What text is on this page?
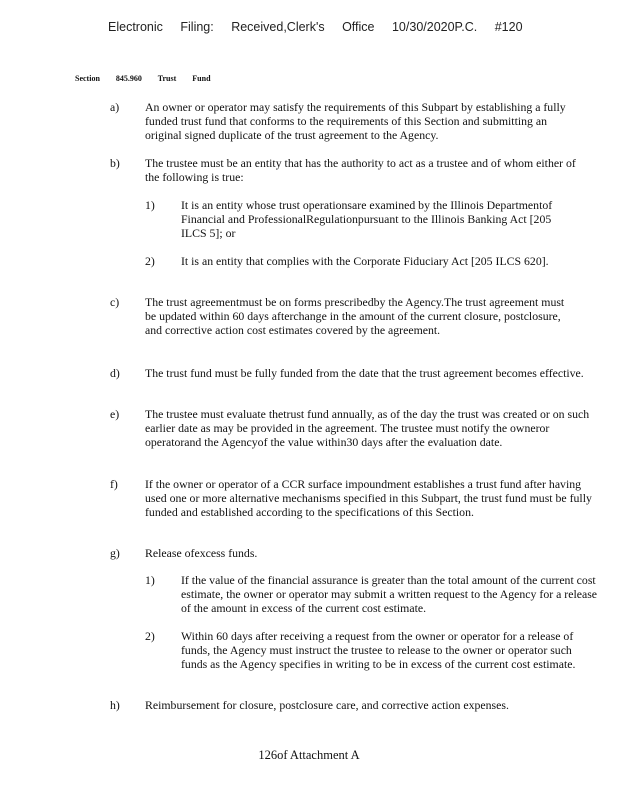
Electronic Filing: Received,Clerk's Office 10/30/2020P.C. #120
Section 845.960 Trust Fund
a)	An owner or operator may satisfy the requirements of this Subpart by establishing a fully funded trust fund that conforms to the requirements of this Section and submitting an original signed duplicate of the trust agreement to the Agency.
b)	The trustee must be an entity that has the authority to act as a trustee and of whom either of the following is true:
1)	It is an entity whose trust operationsare examined by the Illinois Departmentof Financial and ProfessionalRegulationpursuant to the Illinois Banking Act [205 ILCS 5]; or
2)	It is an entity that complies with the Corporate Fiduciary Act [205 ILCS 620].
c)	The trust agreementmust be on forms prescribedby the Agency.The trust agreement must be updated within 60 days afterchange in the amount of the current closure, postclosure, and corrective action cost estimates covered by the agreement.
d)	The trust fund must be fully funded from the date that the trust agreement becomes effective.
e)	The trustee must evaluate thetrust fund annually, as of the day the trust was created or on such earlier date as may be provided in the agreement. The trustee must notify the owneror operatorand the Agencyof the value within30 days after the evaluation date.
f)	If the owner or operator of a CCR surface impoundment establishes a trust fund after having used one or more alternative mechanisms specified in this Subpart, the trust fund must be fully funded and established according to the specifications of this Section.
g)	Release ofexcess funds.
1)	If the value of the financial assurance is greater than the total amount of the current cost estimate, the owner or operator may submit a written request to the Agency for a release of the amount in excess of the current cost estimate.
2)	Within 60 days after receiving a request from the owner or operator for a release of funds, the Agency must instruct the trustee to release to the owner or operator such funds as the Agency specifies in writing to be in excess of the current cost estimate.
h)	Reimbursement for closure, postclosure care, and corrective action expenses.
126of Attachment A
